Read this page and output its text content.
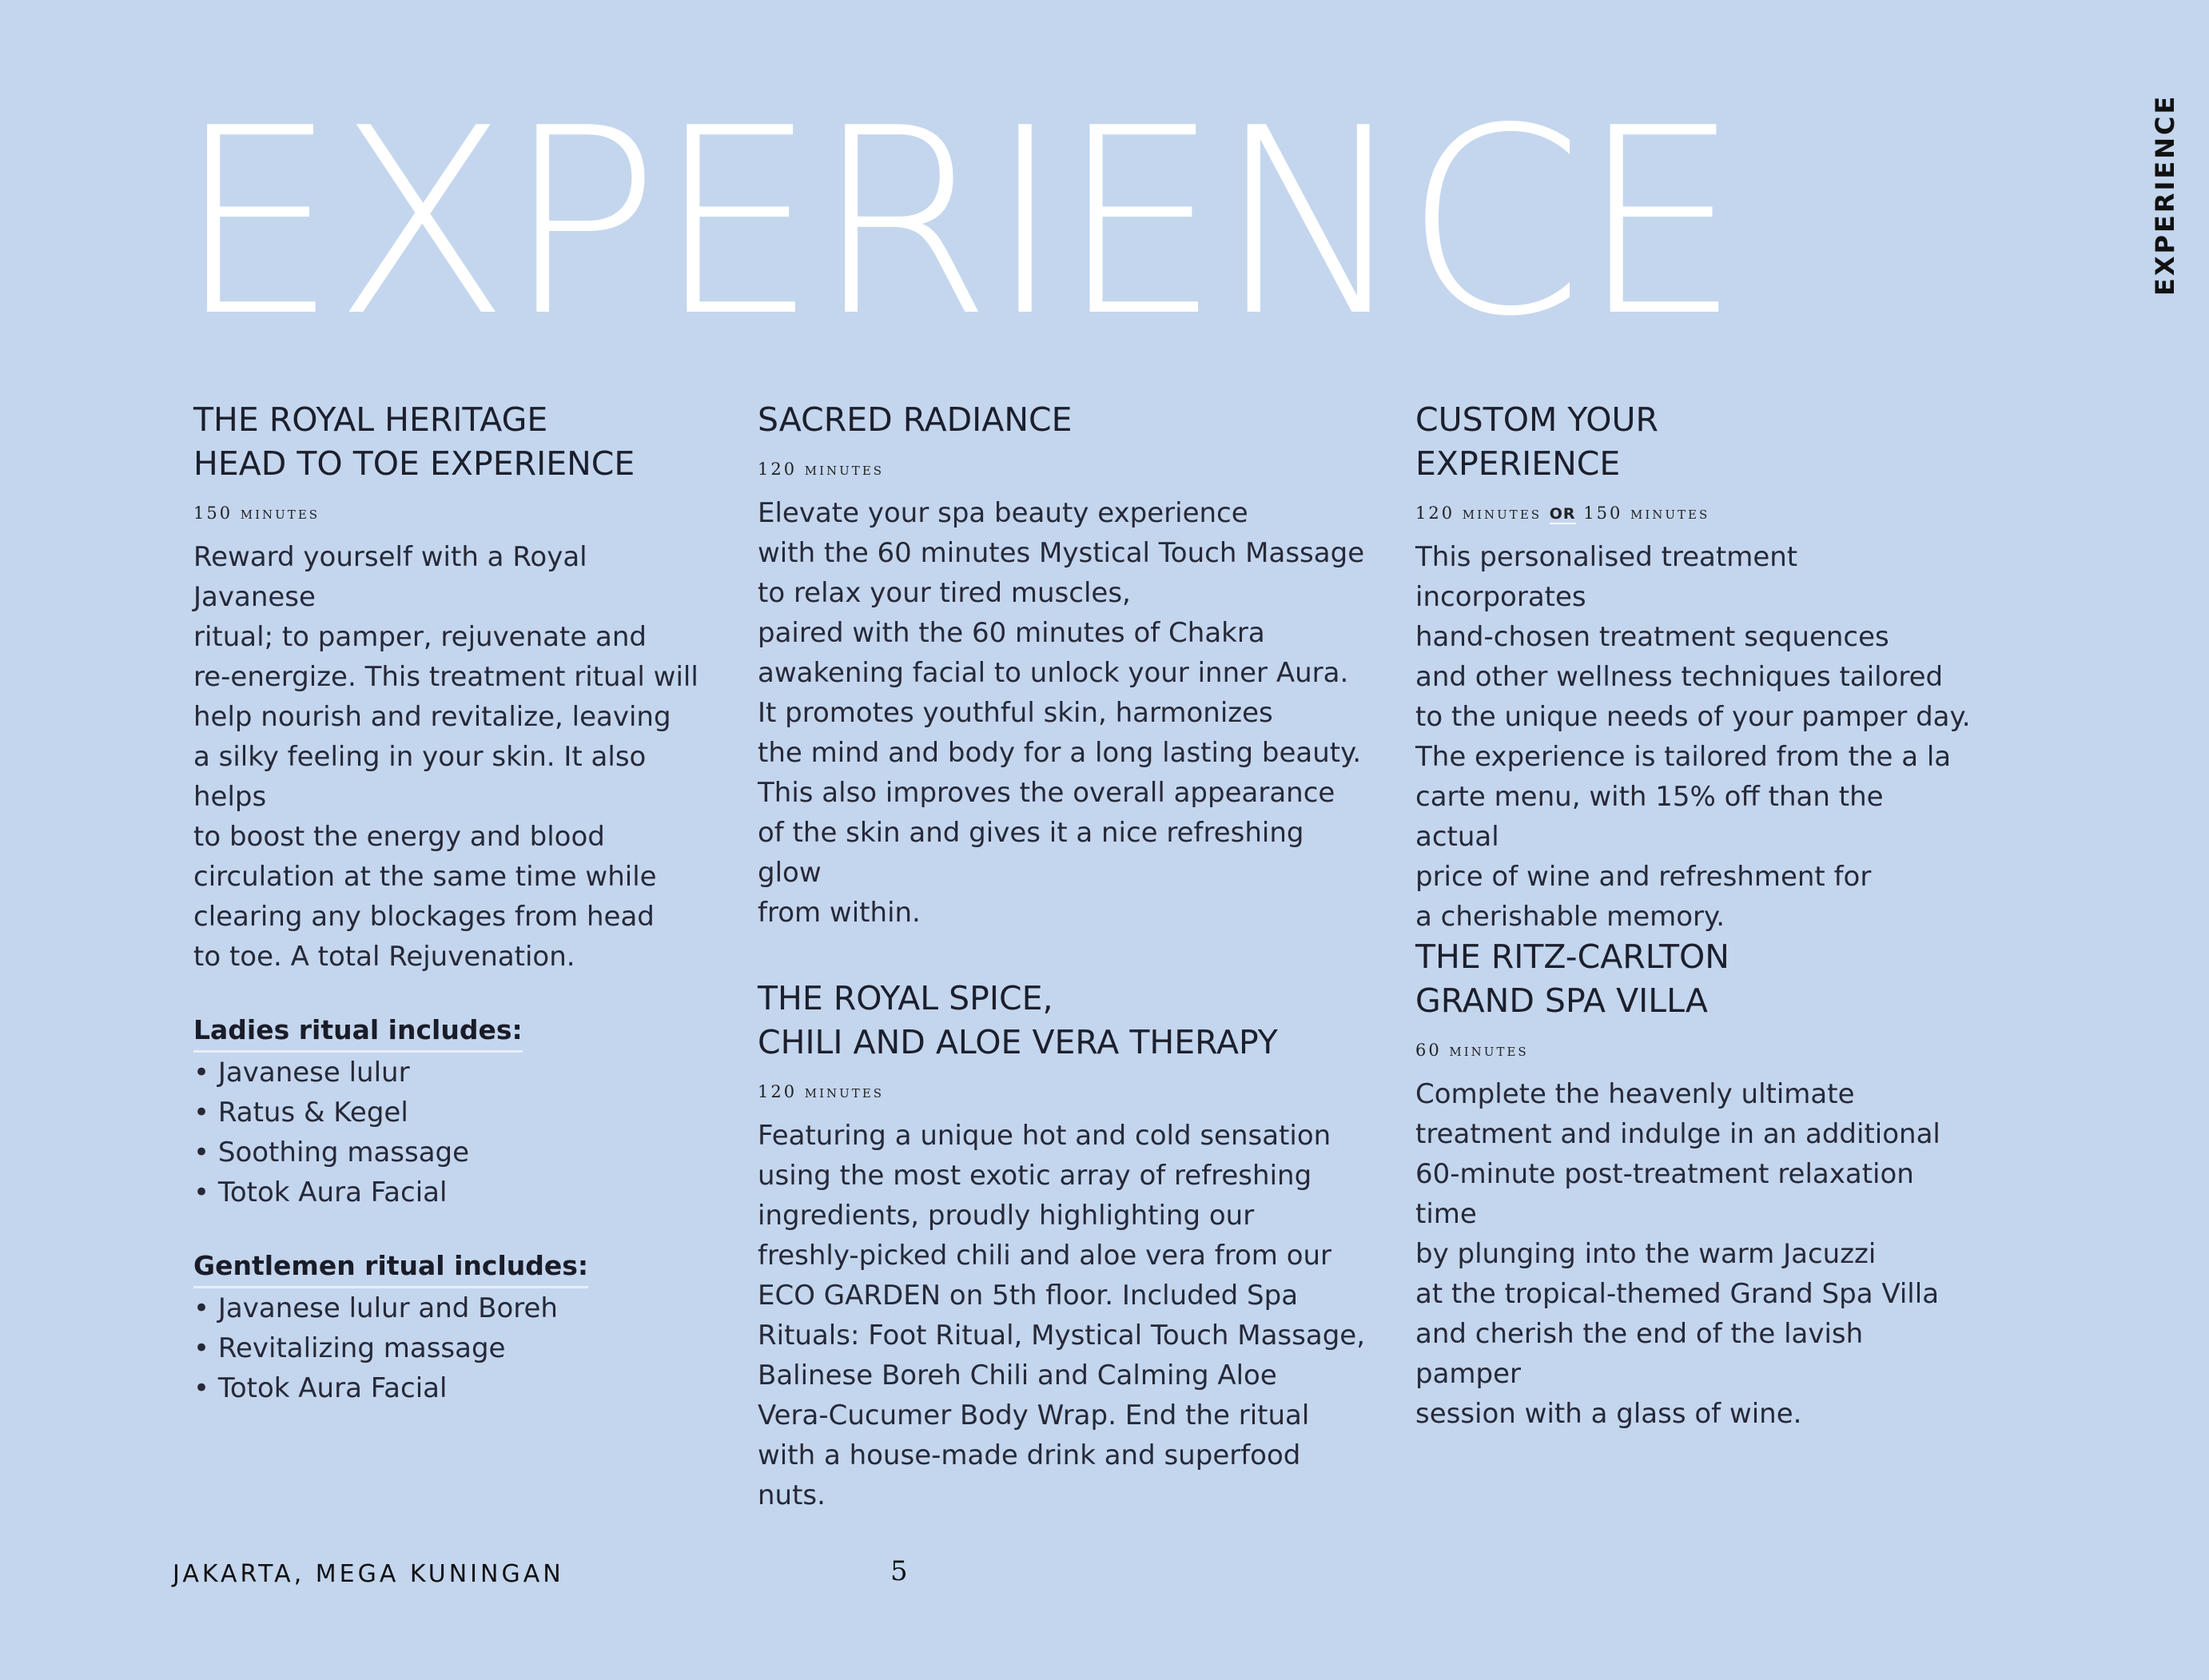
EXPERIENCE	EXPERIENCE
THE ROYAL HERITAGE
HEAD TO TOE EXPERIENCE
150 minutes

Reward yourself with a Royal Javanese
ritual; to pamper, rejuvenate and
re-energize. This treatment ritual will
help nourish and revitalize, leaving
a silky feeling in your skin. It also helps
to boost the energy and blood
circulation at the same time while
clearing any blockages from head
to toe. A total Rejuvenation.

Ladies ritual includes:
• Javanese lulur
• Ratus & Kegel
• Soothing massage
• Totok Aura Facial
Gentlemen ritual includes:
• Javanese lulur and Boreh
• Revitalizing massage
• Totok Aura Facial
SACRED RADIANCE
120 minutes

Elevate your spa beauty experience
with the 60 minutes Mystical Touch Massage
to relax your tired muscles,
paired with the 60 minutes of Chakra
awakening facial to unlock your inner Aura.
It promotes youthful skin, harmonizes
the mind and body for a long lasting beauty.
This also improves the overall appearance
of the skin and gives it a nice refreshing glow
from within.

THE ROYAL SPICE,
CHILI AND ALOE VERA THERAPY
120 minutes

Featuring a unique hot and cold sensation
using the most exotic array of refreshing
ingredients, proudly highlighting our
freshly-picked chili and aloe vera from our
ECO GARDEN on 5th floor. Included Spa
Rituals: Foot Ritual, Mystical Touch Massage,
Balinese Boreh Chili and Calming Aloe
Vera-Cucumer Body Wrap. End the ritual
with a house-made drink and superfood nuts.

CUSTOM YOUR
EXPERIENCE
120 minutes OR 150 minutes

This personalised treatment incorporates
hand-chosen treatment sequences
and other wellness techniques tailored
to the unique needs of your pamper day.
The experience is tailored from the a la
carte menu, with 15% off than the actual
price of wine and refreshment for
a cherishable memory.

THE RITZ-CARLTON
GRAND SPA VILLA
60 minutes

Complete the heavenly ultimate
treatment and indulge in an additional
60-minute post-treatment relaxation time
by plunging into the warm Jacuzzi
at the tropical-themed Grand Spa Villa
and cherish the end of the lavish pamper
session with a glass of wine.

JAKARTA, MEGA KUNINGAN	5
